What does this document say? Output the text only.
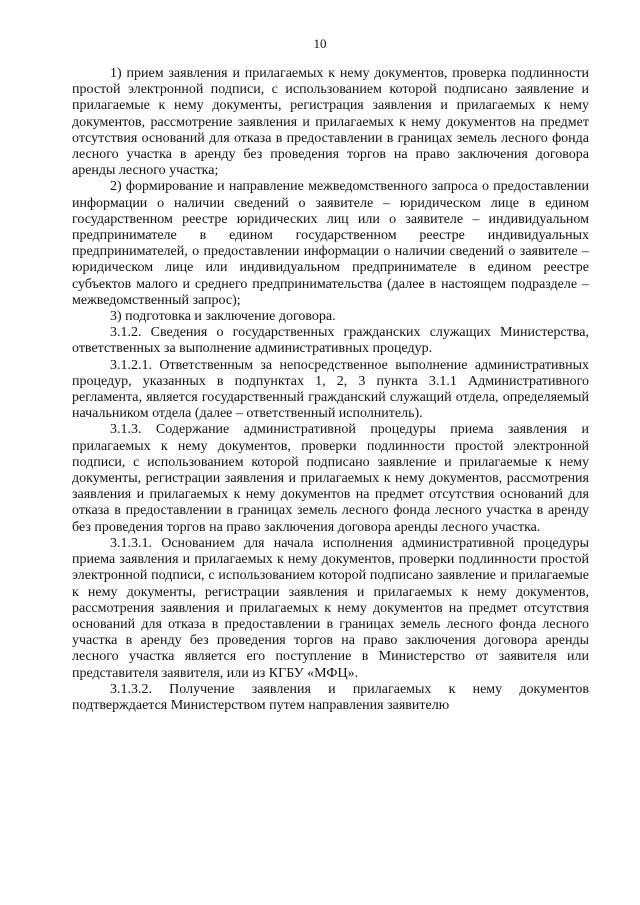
10

1) прием заявления и прилагаемых к нему документов, проверка подлинности простой электронной подписи, с использованием которой подписано заявление и прилагаемые к нему документы, регистрация заявления и прилагаемых к нему документов, рассмотрение заявления и прилагаемых к нему документов на предмет отсутствия оснований для отказа в предоставлении в границах земель лесного фонда лесного участка в аренду без проведения торгов на право заключения договора аренды лесного участка;

2) формирование и направление межведомственного запроса о предоставлении информации о наличии сведений о заявителе – юридическом лице в едином государственном реестре юридических лиц или о заявителе – индивидуальном предпринимателе в едином государственном реестре индивидуальных предпринимателей, о предоставлении информации о наличии сведений о заявителе – юридическом лице или индивидуальном предпринимателе в едином реестре субъектов малого и среднего предпринимательства (далее в настоящем подразделе – межведомственный запрос);

3) подготовка и заключение договора.

3.1.2. Сведения о государственных гражданских служащих Министерства, ответственных за выполнение административных процедур.

3.1.2.1. Ответственным за непосредственное выполнение административных процедур, указанных в подпунктах 1, 2, 3 пункта 3.1.1 Административного регламента, является государственный гражданский служащий отдела, определяемый начальником отдела (далее – ответственный исполнитель).

3.1.3. Содержание административной процедуры приема заявления и прилагаемых к нему документов, проверки подлинности простой электронной подписи, с использованием которой подписано заявление и прилагаемые к нему документы, регистрации заявления и прилагаемых к нему документов, рассмотрения заявления и прилагаемых к нему документов на предмет отсутствия оснований для отказа в предоставлении в границах земель лесного фонда лесного участка в аренду без проведения торгов на право заключения договора аренды лесного участка.

3.1.3.1. Основанием для начала исполнения административной процедуры приема заявления и прилагаемых к нему документов, проверки подлинности простой электронной подписи, с использованием которой подписано заявление и прилагаемые к нему документы, регистрации заявления и прилагаемых к нему документов, рассмотрения заявления и прилагаемых к нему документов на предмет отсутствия оснований для отказа в предоставлении в границах земель лесного фонда лесного участка в аренду без проведения торгов на право заключения договора аренды лесного участка является его поступление в Министерство от заявителя или представителя заявителя, или из КГБУ «МФЦ».

3.1.3.2. Получение заявления и прилагаемых к нему документов подтверждается Министерством путем направления заявителю
